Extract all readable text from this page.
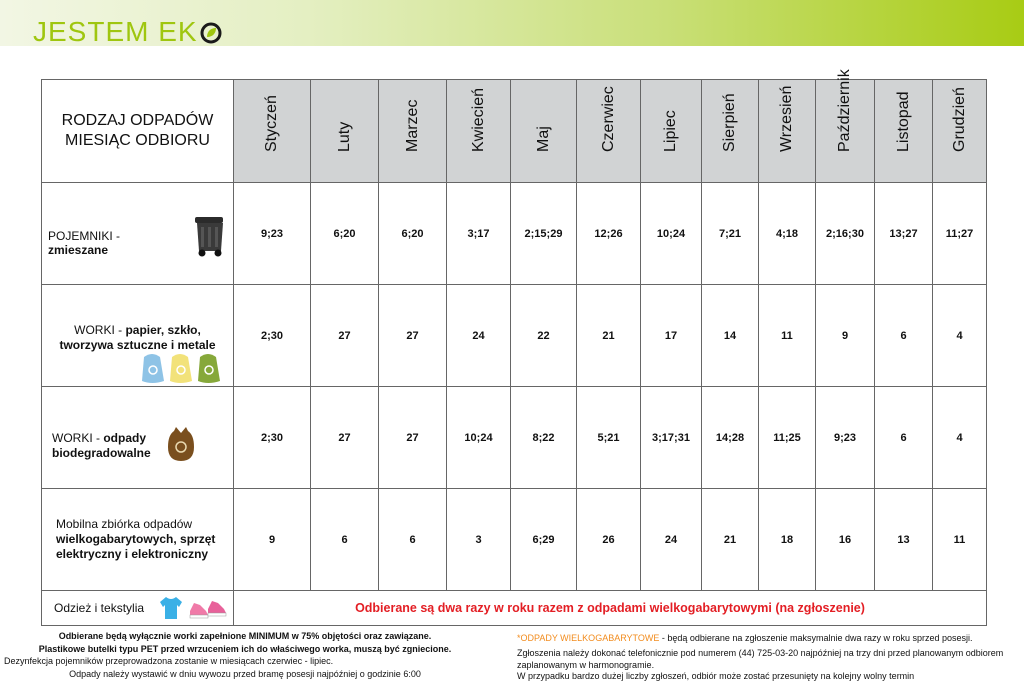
JESTEM EK
RODZAJ ODPADÓW
MIESIĄC ODBIORU	Styczeń	Luty	Marzec	Kwiecień	Maj	Czerwiec	Lipiec	Sierpień	Wrzesień	Październik	Listopad	Grudzień

POJEMNIKI - zmieszane	9;23	6;20	6;20	3;17	2;15;29	12;26	10;24	7;21	4;18	2;16;30	13;27	11;27

WORKI - papier, szkło, tworzywa sztuczne i metale	2;30	27	27	24	22	21	17	14	11	9	6	4

WORKI - odpady biodegradowalne	2;30	27	27	10;24	8;22	5;21	3;17;31	14;28	11;25	9;23	6	4

Mobilna zbiórka odpadów
wielkogabarytowych, sprzęt elektryczny i elektroniczny	9	6	6	3	6;29	26	24	21	18	16	13	11

Odzież i tekstylia	Odbierane są dwa razy w roku razem z odpadami wielkogabarytowymi (na zgłoszenie)											
Odbierane będą wyłącznie worki zapełnione MINIMUM w 75% objętości oraz zawiązane.
Plastikowe butelki typu PET przed wrzuceniem ich do właściwego worka, muszą być zgniecione.
Dezynfekcja pojemników przeprowadzona zostanie w miesiącach czerwiec - lipiec.
Odpady należy wystawić w dniu wywozu przed bramę posesji najpóźniej o godzinie 6:00
*ODPADY WIELKOGABARYTOWE - będą odbierane na zgłoszenie maksymalnie dwa razy w roku sprzed posesji.
Zgłoszenia należy dokonać telefonicznie pod numerem (44) 725-03-20 najpóźniej na trzy dni przed planowanym odbiorem zaplanowanym w harmonogramie.
W przypadku bardzo dużej liczby zgłoszeń, odbiór może zostać przesunięty na kolejny wolny termin
